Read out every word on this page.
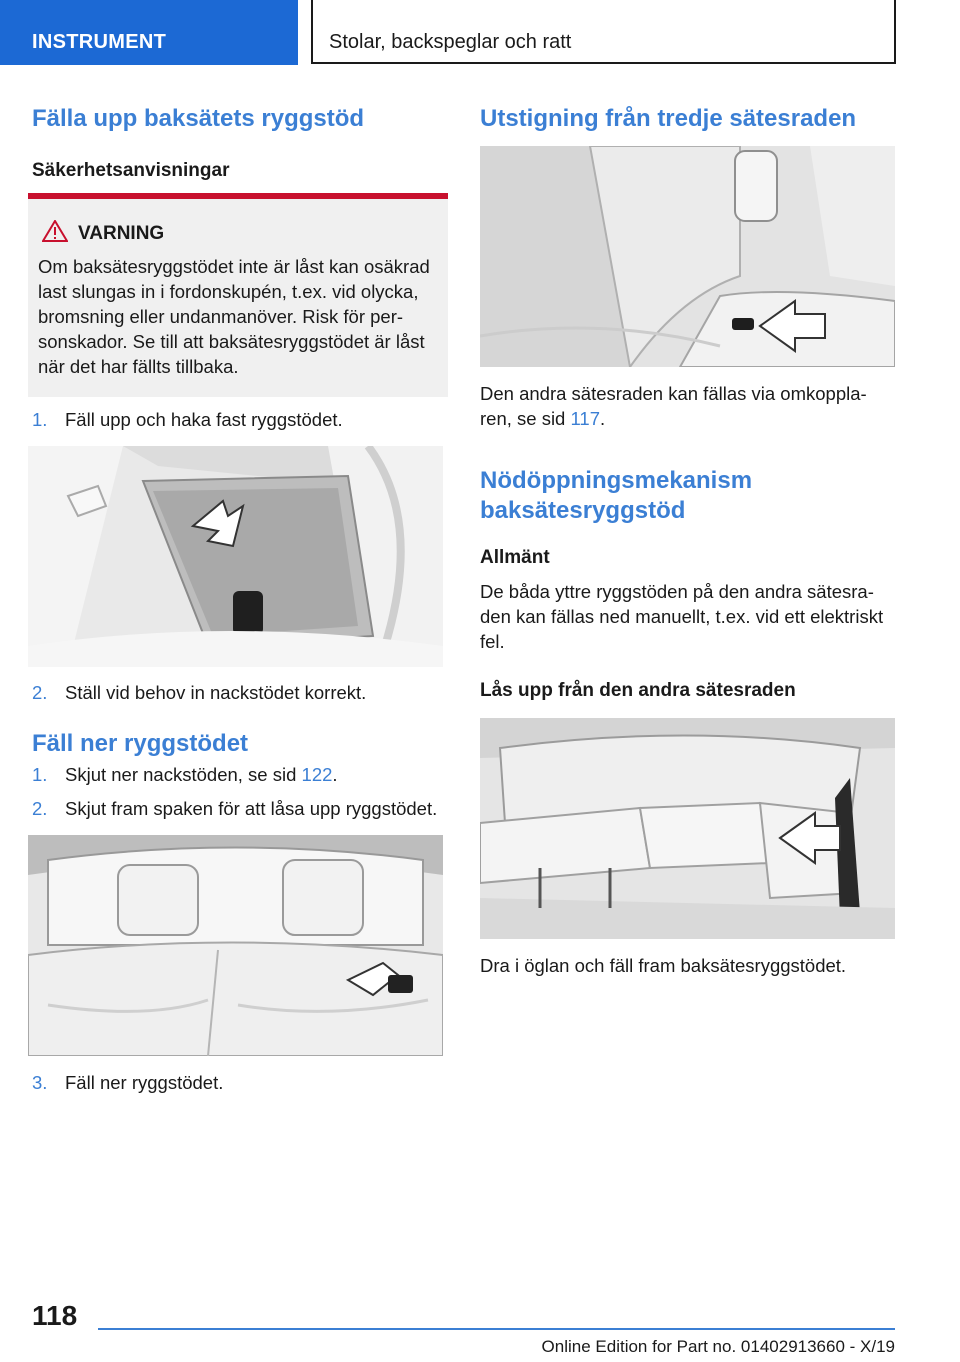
INSTRUMENT	Stolar, backspeglar och ratt
Fälla upp baksätets ryggstöd
Säkerhetsanvisningar
VARNING
Om baksätesryggstödet inte är låst kan osäkrad last slungas in i fordonskupén, t.ex. vid olycka, bromsning eller undanmanöver. Risk för per-sonskador. Se till att baksätesryggstödet är låst när det har fällts tillbaka.
1. Fäll upp och haka fast ryggstödet.
2. Ställ vid behov in nackstödet korrekt.
Fäll ner ryggstödet
1. Skjut ner nackstöden, se sid 122.
2. Skjut fram spaken för att låsa upp ryggstödet.
3. Fäll ner ryggstödet.
Utstigning från tredje sätesraden
Den andra sätesraden kan fällas via omkoppla-
ren, se sid 117.
Nödöppningsmekanism
baksätesryggstöd
Allmänt
De båda yttre ryggstöden på den andra sätesra-den kan fällas ned manuellt, t.ex. vid ett elektriskt fel.
Lås upp från den andra sätesraden
Dra i öglan och fäll fram baksätesryggstödet.
118
Online Edition for Part no. 01402913660 - X/19
